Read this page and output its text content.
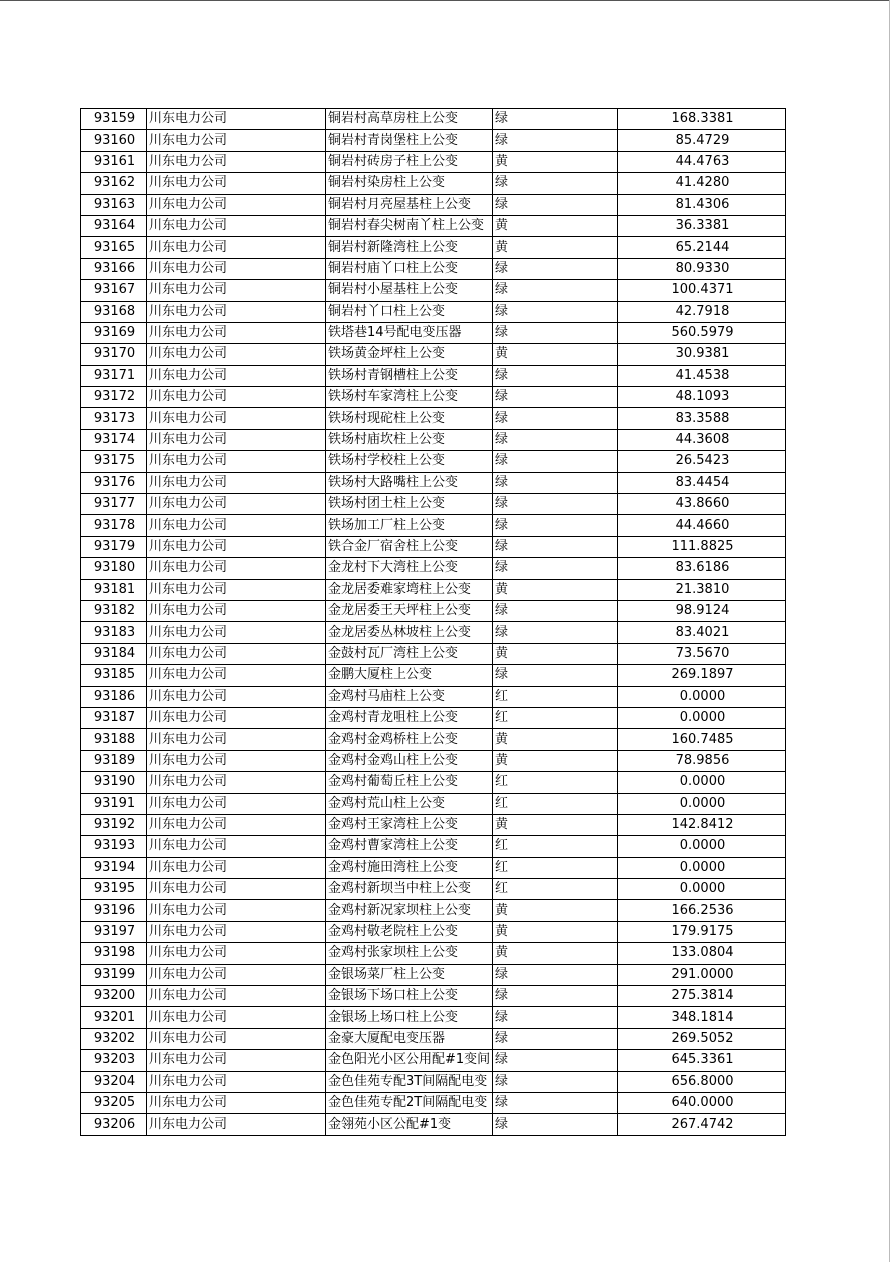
93159	川东电力公司	铜岩村高草房柱上公变	绿	168.3381
93160	川东电力公司	铜岩村青岗堡柱上公变	绿	85.4729
93161	川东电力公司	铜岩村砖房子柱上公变	黄	44.4763
93162	川东电力公司	铜岩村染房柱上公变	绿	41.4280
93163	川东电力公司	铜岩村月亮屋基柱上公变	绿	81.4306
93164	川东电力公司	铜岩村春尖树南丫柱上公变	黄	36.3381
93165	川东电力公司	铜岩村新隆湾柱上公变	黄	65.2144
93166	川东电力公司	铜岩村庙丫口柱上公变	绿	80.9330
93167	川东电力公司	铜岩村小屋基柱上公变	绿	100.4371
93168	川东电力公司	铜岩村丫口柱上公变	绿	42.7918
93169	川东电力公司	铁塔巷14号配电变压器	绿	560.5979
93170	川东电力公司	铁场黄金坪柱上公变	黄	30.9381
93171	川东电力公司	铁场村青钢槽柱上公变	绿	41.4538
93172	川东电力公司	铁场村车家湾柱上公变	绿	48.1093
93173	川东电力公司	铁场村现砣柱上公变	绿	83.3588
93174	川东电力公司	铁场村庙坎柱上公变	绿	44.3608
93175	川东电力公司	铁场村学校柱上公变	绿	26.5423
93176	川东电力公司	铁场村大路嘴柱上公变	绿	83.4454
93177	川东电力公司	铁场村团土柱上公变	绿	43.8660
93178	川东电力公司	铁场加工厂柱上公变	绿	44.4660
93179	川东电力公司	铁合金厂宿舍柱上公变	绿	111.8825
93180	川东电力公司	金龙村下大湾柱上公变	绿	83.6186
93181	川东电力公司	金龙居委难家塆柱上公变	黄	21.3810
93182	川东电力公司	金龙居委王天坪柱上公变	绿	98.9124
93183	川东电力公司	金龙居委丛林坡柱上公变	绿	83.4021
93184	川东电力公司	金鼓村瓦厂湾柱上公变	黄	73.5670
93185	川东电力公司	金鹏大厦柱上公变	绿	269.1897
93186	川东电力公司	金鸡村马庙柱上公变	红	0.0000
93187	川东电力公司	金鸡村青龙咀柱上公变	红	0.0000
93188	川东电力公司	金鸡村金鸡桥柱上公变	黄	160.7485
93189	川东电力公司	金鸡村金鸡山柱上公变	黄	78.9856
93190	川东电力公司	金鸡村葡萄丘柱上公变	红	0.0000
93191	川东电力公司	金鸡村荒山柱上公变	红	0.0000
93192	川东电力公司	金鸡村王家湾柱上公变	黄	142.8412
93193	川东电力公司	金鸡村曹家湾柱上公变	红	0.0000
93194	川东电力公司	金鸡村施田湾柱上公变	红	0.0000
93195	川东电力公司	金鸡村新坝当中柱上公变	红	0.0000
93196	川东电力公司	金鸡村新况家坝柱上公变	黄	166.2536
93197	川东电力公司	金鸡村敬老院柱上公变	黄	179.9175
93198	川东电力公司	金鸡村张家坝柱上公变	黄	133.0804
93199	川东电力公司	金银场菜厂柱上公变	绿	291.0000
93200	川东电力公司	金银场下场口柱上公变	绿	275.3814
93201	川东电力公司	金银场上场口柱上公变	绿	348.1814
93202	川东电力公司	金豪大厦配电变压器	绿	269.5052
93203	川东电力公司	金色阳光小区公用配#1变间	绿	645.3361
93204	川东电力公司	金色佳苑专配3T间隔配电变	绿	656.8000
93205	川东电力公司	金色佳苑专配2T间隔配电变	绿	640.0000
93206	川东电力公司	金翎苑小区公配#1变	绿	267.4742
